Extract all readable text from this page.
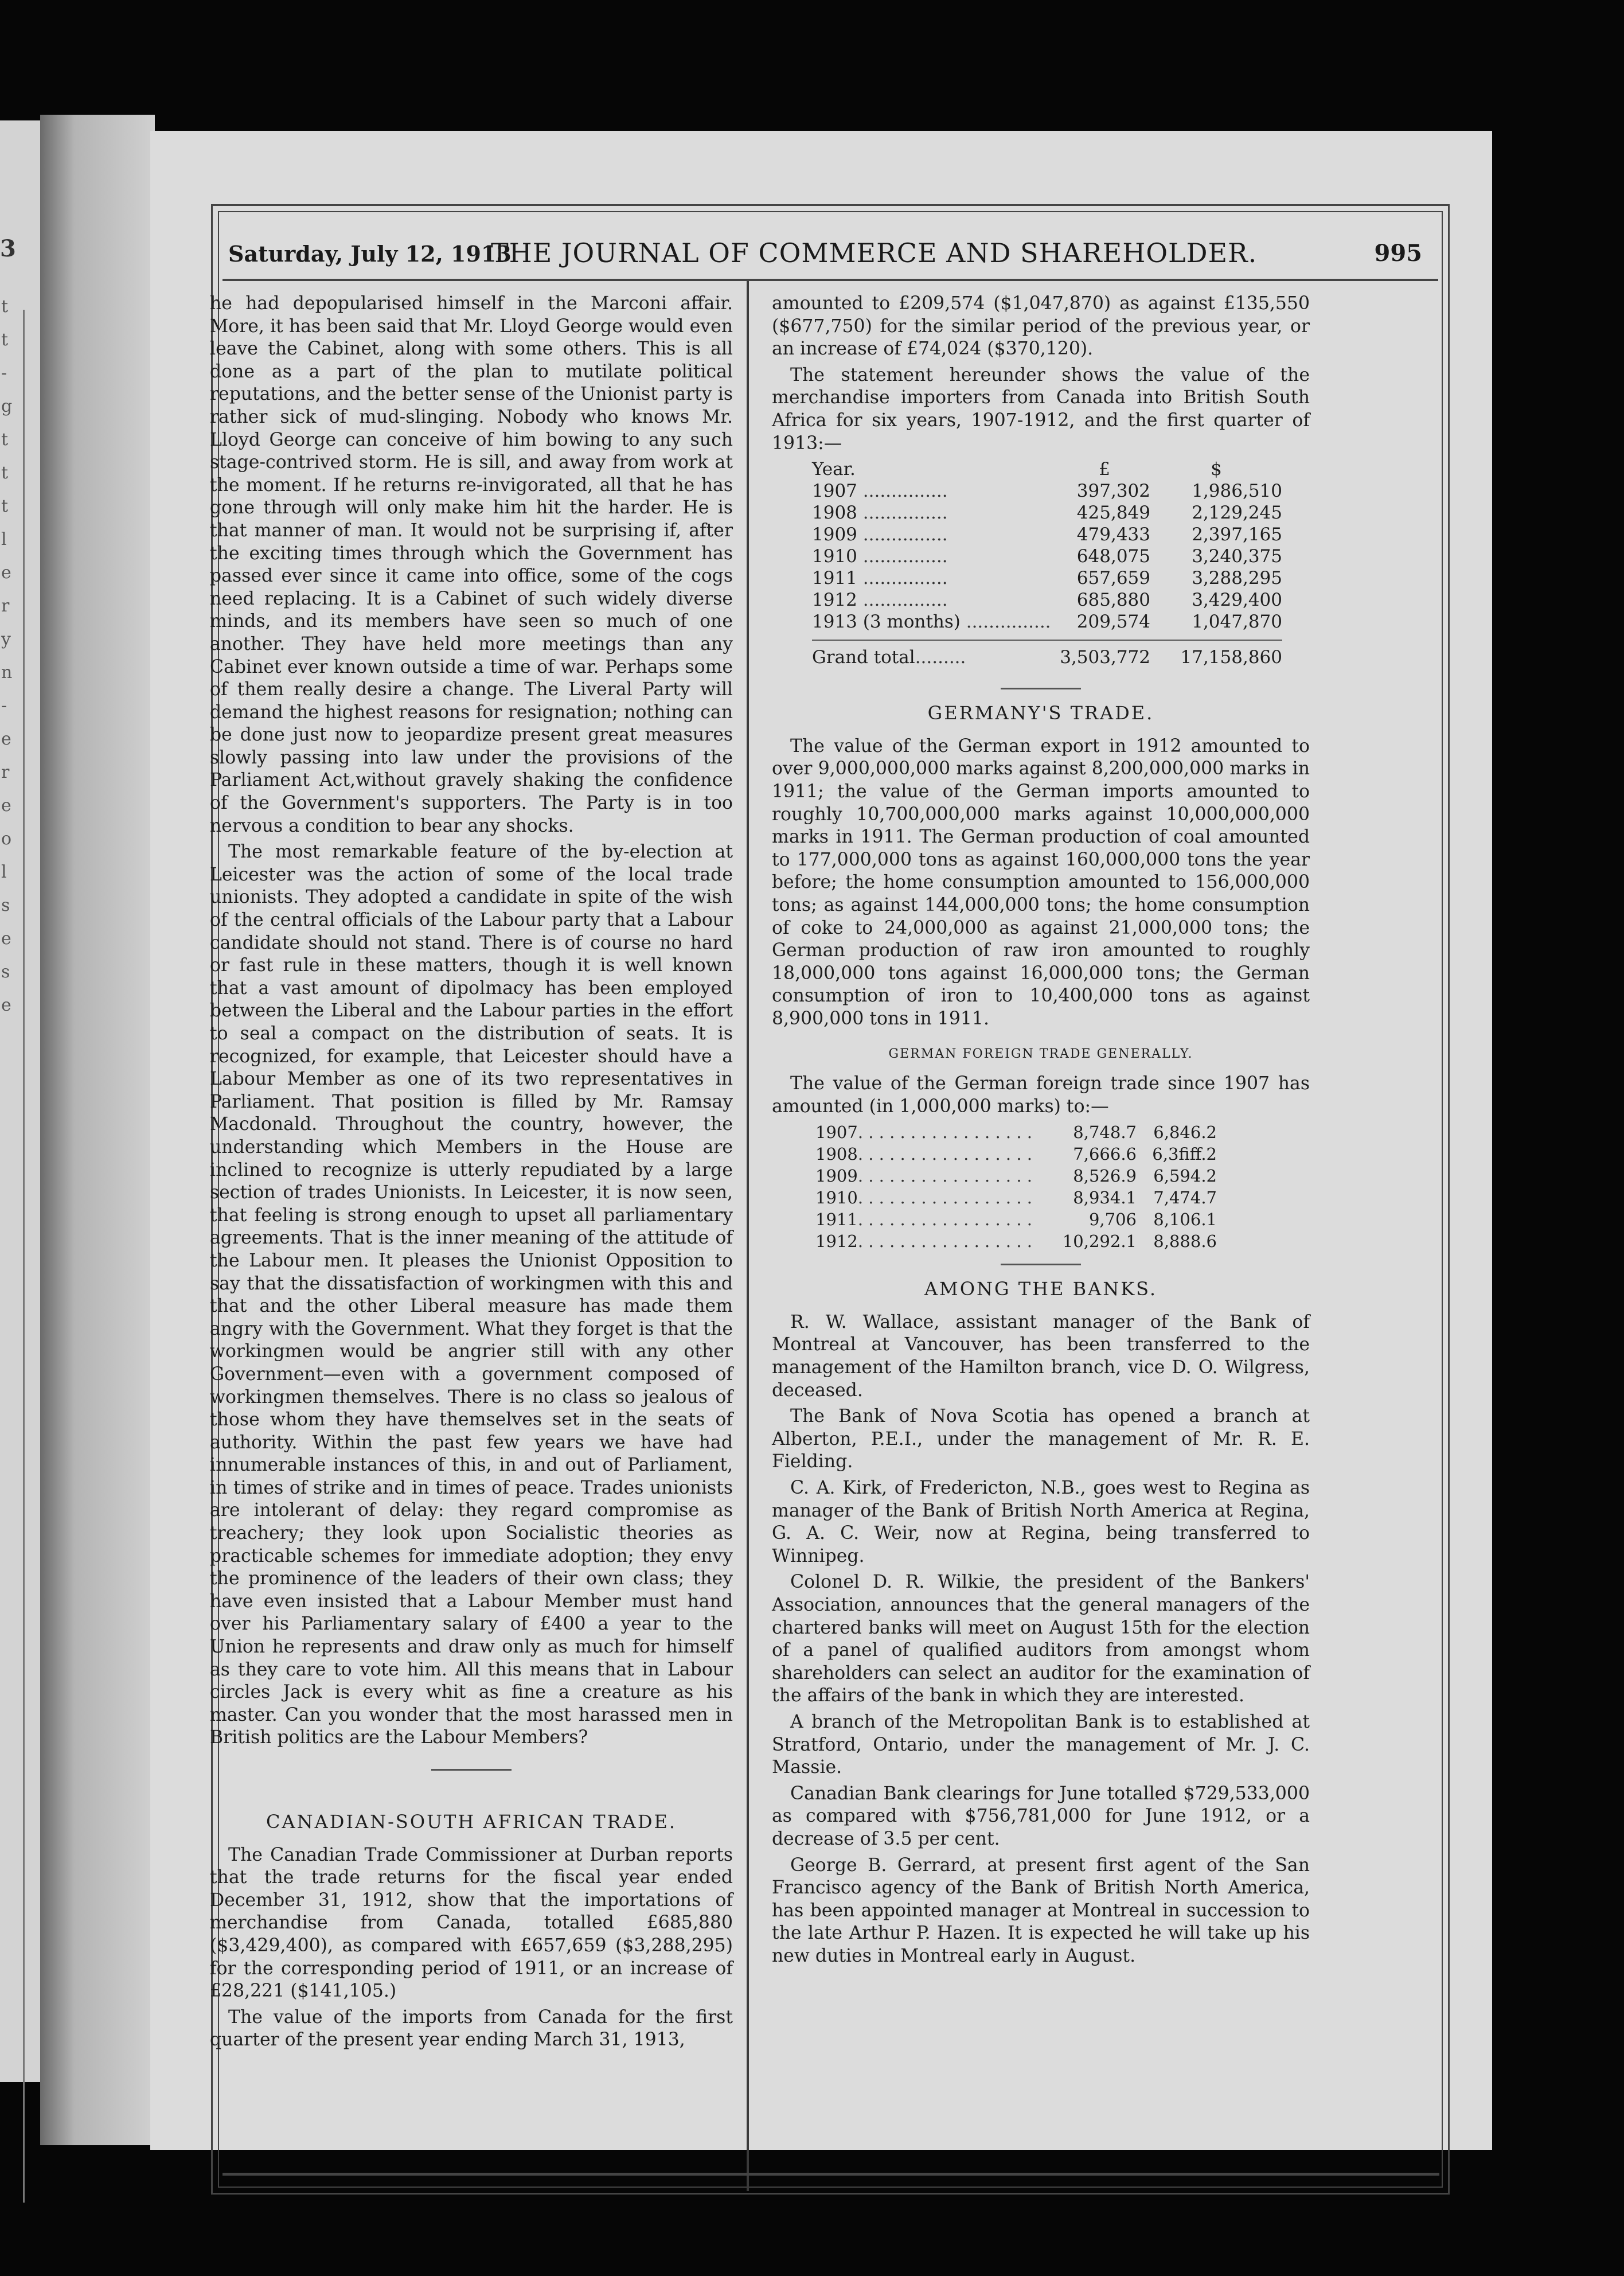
3
t
t
-
g
t
t
t
l
e
r
y
n
-
e
r
e
o
l
s
e
s
e
Saturday, July 12, 1913
THE JOURNAL OF COMMERCE AND SHAREHOLDER.	995

he had depopularised himself in the Marconi affair. More, it has been said that Mr. Lloyd George would even leave the Cabinet, along with some others. This is all done as a part of the plan to mutilate political reputations, and the better sense of the Unionist party is rather sick of mud-slinging. Nobody who knows Mr. Lloyd George can conceive of him bowing to any such stage-contrived storm. He is sill, and away from work at the moment. If he returns re-invigorated, all that he has gone through will only make him hit the harder. He is that manner of man. It would not be surprising if, after the exciting times through which the Government has passed ever since it came into office, some of the cogs need replacing. It is a Cabinet of such widely diverse minds, and its members have seen so much of one another. They have held more meetings than any Cabinet ever known outside a time of war. Perhaps some of them really desire a change. The Liveral Party will demand the highest reasons for resignation; nothing can be done just now to jeopardize present great measures slowly passing into law under the provisions of the Parliament Act,without gravely shaking the confidence of the Government's supporters. The Party is in too nervous a condition to bear any shocks.

The most remarkable feature of the by-election at Leicester was the action of some of the local trade unionists. They adopted a candidate in spite of the wish of the central officials of the Labour party that a Labour candidate should not stand. There is of course no hard or fast rule in these matters, though it is well known that a vast amount of dipolmacy has been employed between the Liberal and the Labour parties in the effort to seal a compact on the distribution of seats. It is recognized, for example, that Leicester should have a Labour Member as one of its two representatives in Parliament. That position is filled by Mr. Ramsay Macdonald. Throughout the country, however, the understanding which Members in the House are inclined to recognize is utterly repudiated by a large section of trades Unionists. In Leicester, it is now seen, that feeling is strong enough to upset all parliamentary agreements. That is the inner meaning of the attitude of the Labour men. It pleases the Unionist Opposition to say that the dissatisfaction of workingmen with this and that and the other Liberal measure has made them angry with the Government. What they forget is that the workingmen would be angrier still with any other Government—even with a government composed of workingmen themselves. There is no class so jealous of those whom they have themselves set in the seats of authority. Within the past few years we have had innumerable instances of this, in and out of Parliament, in times of strike and in times of peace. Trades unionists are intolerant of delay: they regard compromise as treachery; they look upon Socialistic theories as practicable schemes for immediate adoption; they envy the prominence of the leaders of their own class; they have even insisted that a Labour Member must hand over his Parliamentary salary of £400 a year to the Union he represents and draw only as much for himself as they care to vote him. All this means that in Labour circles Jack is every whit as fine a creature as his master. Can you wonder that the most harassed men in British politics are the Labour Members?

CANADIAN-SOUTH AFRICAN TRADE.

The Canadian Trade Commissioner at Durban reports that the trade returns for the fiscal year ended December 31, 1912, show that the importations of merchandise from Canada, totalled £685,880 ($3,429,400), as compared with £657,659 ($3,288,295) for the corresponding period of 1911, or an increase of £28,221 ($141,105.)

The value of the imports from Canada for the first quarter of the present year ending March 31, 1913,

amounted to £209,574 ($1,047,870) as against £135,550 ($677,750) for the similar period of the previous year, or an increase of £74,024 ($370,120).

The statement hereunder shows the value of the merchandise importers from Canada into British South Africa for six years, 1907-1912, and the first quarter of 1913:—

Year.	£	$
1907 ...............	397,302	1,986,510
1908 ...............	425,849	2,129,245
1909 ...............	479,433	2,397,165
1910 ...............	648,075	3,240,375
1911 ...............	657,659	3,288,295
1912 ...............	685,880	3,429,400
1913 (3 months) ...............	209,574	1,047,870

Grand total.........	3,503,772	17,158,860
GERMANY'S TRADE.

The value of the German export in 1912 amounted to over 9,000,000,000 marks against 8,200,000,000 marks in 1911; the value of the German imports amounted to roughly 10,700,000,000 marks against 10,000,000,000 marks in 1911. The German production of coal amounted to 177,000,000 tons as against 160,000,000 tons the year before; the home consumption amounted to 156,000,000 tons; as against 144,000,000 tons; the home consumption of coke to 24,000,000 as against 21,000,000 tons; the German production of raw iron amounted to roughly 18,000,000 tons against 16,000,000 tons; the German consumption of iron to 10,400,000 tons as against 8,900,000 tons in 1911.

GERMAN FOREIGN TRADE GENERALLY.

The value of the German foreign trade since 1907 has amounted (in 1,000,000 marks) to:—

1907. . . . . . . . . . . . . . . . .	8,748.7	6,846.2
1908. . . . . . . . . . . . . . . . .	7,666.6	6,3fiff.2
1909. . . . . . . . . . . . . . . . .	8,526.9	6,594.2
1910. . . . . . . . . . . . . . . . .	8,934.1	7,474.7
1911. . . . . . . . . . . . . . . . .	9,706	8,106.1
1912. . . . . . . . . . . . . . . . .	10,292.1	8,888.6
AMONG THE BANKS.

R. W. Wallace, assistant manager of the Bank of Montreal at Vancouver, has been transferred to the management of the Hamilton branch, vice D. O. Wilgress, deceased.

The Bank of Nova Scotia has opened a branch at Alberton, P.E.I., under the management of Mr. R. E. Fielding.

C. A. Kirk, of Fredericton, N.B., goes west to Regina as manager of the Bank of British North America at Regina, G. A. C. Weir, now at Regina, being transferred to Winnipeg.

Colonel D. R. Wilkie, the president of the Bankers' Association, announces that the general managers of the chartered banks will meet on August 15th for the election of a panel of qualified auditors from amongst whom shareholders can select an auditor for the examination of the affairs of the bank in which they are interested.

A branch of the Metropolitan Bank is to established at Stratford, Ontario, under the management of Mr. J. C. Massie.

Canadian Bank clearings for June totalled $729,533,000 as compared with $756,781,000 for June 1912, or a decrease of 3.5 per cent.

George B. Gerrard, at present first agent of the San Francisco agency of the Bank of British North America, has been appointed manager at Montreal in succession to the late Arthur P. Hazen. It is expected he will take up his new duties in Montreal early in August.
